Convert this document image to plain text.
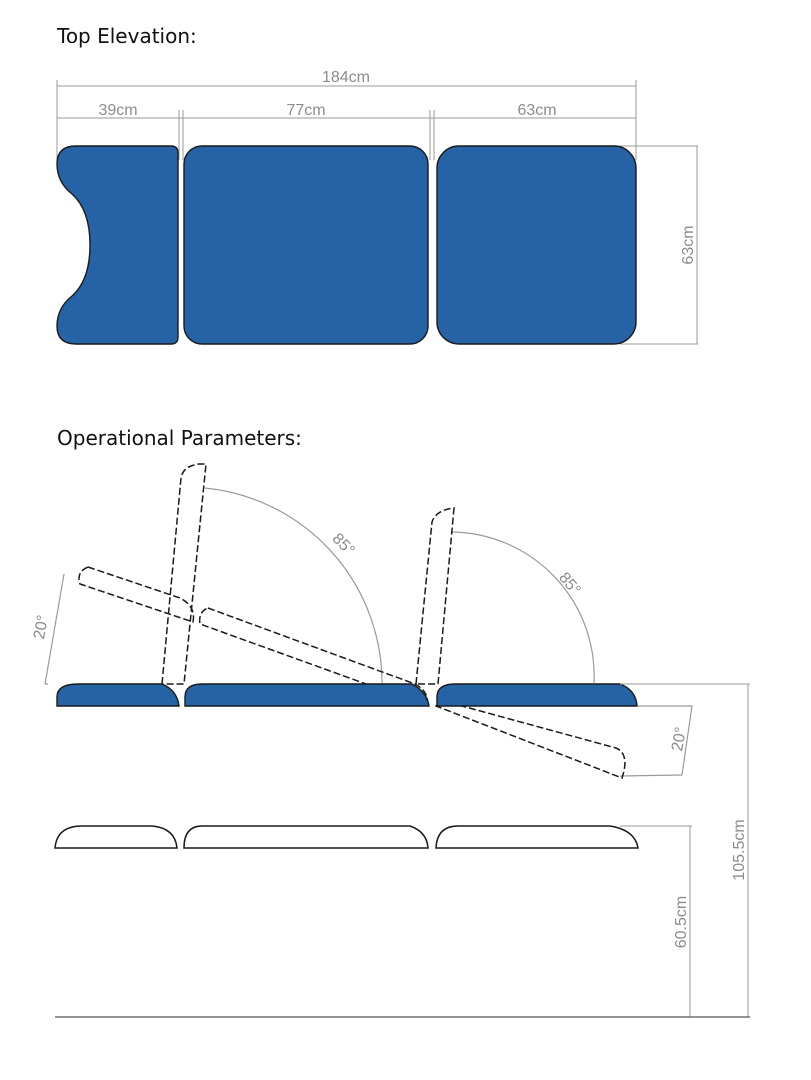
Top Elevation:
Operational Parameters:
184cm
39cm	77cm	63cm
63cm
85°
85°
20°
20°
105.5cm
60.5cm
